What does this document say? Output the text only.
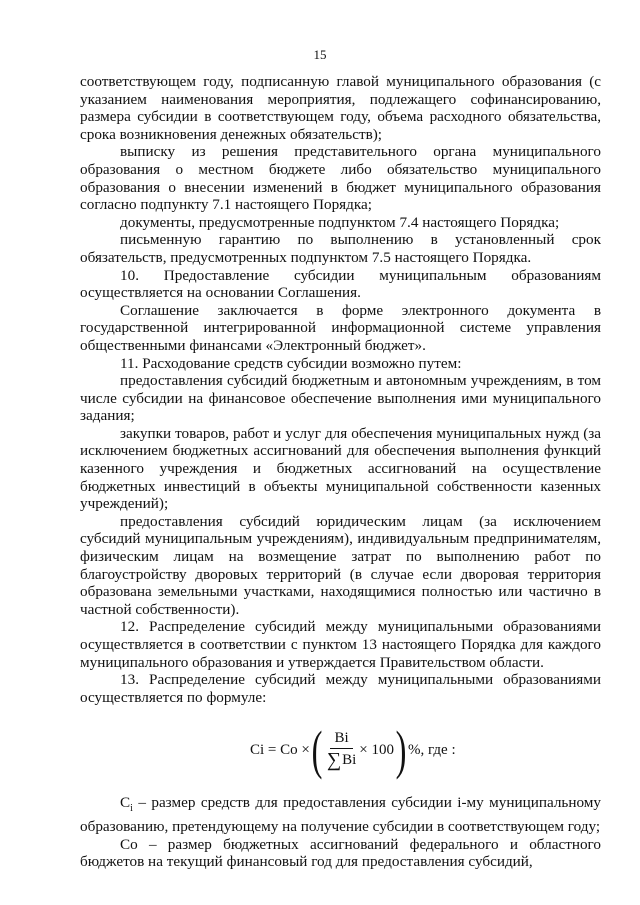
15

соответствующем году, подписанную главой муниципального образования (с указанием наименования мероприятия, подлежащего софинансированию, размера субсидии в соответствующем году, объема расходного обязательства, срока возникновения денежных обязательств);

выписку из решения представительного органа муниципального образования о местном бюджете либо обязательство муниципального образования о внесении изменений в бюджет муниципального образования согласно подпункту 7.1 настоящего Порядка;

документы, предусмотренные подпунктом 7.4 настоящего Порядка;

письменную гарантию по выполнению в установленный срок обязательств, предусмотренных подпунктом 7.5 настоящего Порядка.

10. Предоставление субсидии муниципальным образованиям осуществляется на основании Соглашения.

Соглашение заключается в форме электронного документа в государственной интегрированной информационной системе управления общественными финансами «Электронный бюджет».

11. Расходование средств субсидии возможно путем:

предоставления субсидий бюджетным и автономным учреждениям, в том числе субсидии на финансовое обеспечение выполнения ими муниципального задания;

закупки товаров, работ и услуг для обеспечения муниципальных нужд (за исключением бюджетных ассигнований для обеспечения выполнения функций казенного учреждения и бюджетных ассигнований на осуществление бюджетных инвестиций в объекты муниципальной собственности казенных учреждений);

предоставления субсидий юридическим лицам (за исключением субсидий муниципальным учреждениям), индивидуальным предпринимателям, физическим лицам на возмещение затрат по выполнению работ по благоустройству дворовых территорий (в случае если дворовая территория образована земельными участками, находящимися полностью или частично в частной собственности).

12. Распределение субсидий между муниципальными образованиями осуществляется в соответствии с пунктом 13 настоящего Порядка для каждого муниципального образования и утверждается Правительством области.

13. Распределение субсидий между муниципальными образованиями осуществляется по формуле:

Ci = Co × ( $\frac{Bi}{\sum Bi} \times 100$ ) %, где :

$C_i$ – размер средств для предоставления субсидии i-му муниципальному образованию, претендующему на получение субсидии в соответствующем году;

Co – размер бюджетных ассигнований федерального и областного бюджетов на текущий финансовый год для предоставления субсидий,
